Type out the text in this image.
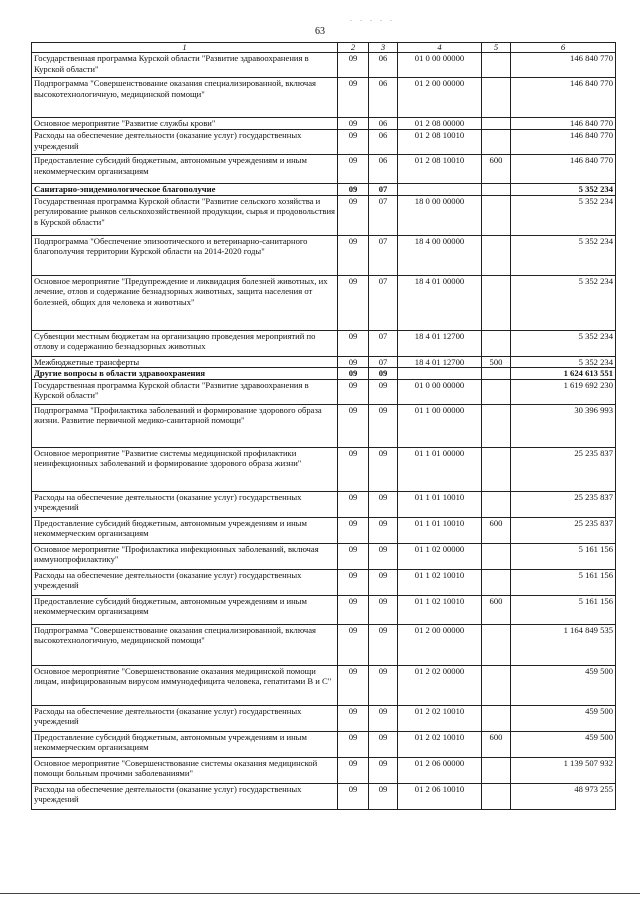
. . . . .
63
1	2	3	4	5	6
Государственная программа Курской области "Развитие здравоохранения в Курской области"	09	06	01 0 00 00000		146 840 770
Подпрограмма "Совершенствование оказания специализированной, включая высокотехнологичную, медицинской помощи"	09	06	01 2 00 00000		146 840 770
Основное мероприятие "Развитие службы крови"	09	06	01 2 08 00000		146 840 770
Расходы на обеспечение деятельности (оказание услуг) государственных учреждений	09	06	01 2 08 10010		146 840 770
Предоставление субсидий бюджетным, автономным учреждениям и иным некоммерческим организациям	09	06	01 2 08 10010	600	146 840 770
Санитарно-эпидемиологическое благополучие	09	07			5 352 234
Государственная программа Курской области "Развитие сельского хозяйства и регулирование рынков сельскохозяйственной продукции, сырья и продовольствия в Курской области"	09	07	18 0 00 00000		5 352 234
Подпрограмма "Обеспечение эпизоотического и ветеринарно-санитарного благополучия территории Курской области на 2014-2020 годы"	09	07	18 4 00 00000		5 352 234
Основное мероприятие "Предупреждение и ликвидация болезней животных, их лечение, отлов и содержание безнадзорных животных, защита населения от болезней, общих для человека и животных"	09	07	18 4 01 00000		5 352 234
Субвенции местным бюджетам на организацию проведения мероприятий по отлову и содержанию безнадзорных животных	09	07	18 4 01 12700		5 352 234
Межбюджетные трансферты	09	07	18 4 01 12700	500	5 352 234
Другие вопросы в области здравоохранения	09	09			1 624 613 551
Государственная программа Курской области "Развитие здравоохранения в Курской области"	09	09	01 0 00 00000		1 619 692 230
Подпрограмма "Профилактика заболеваний и формирование здорового образа жизни. Развитие первичной медико-санитарной помощи"	09	09	01 1 00 00000		30 396 993
Основное мероприятие "Развитие системы медицинской профилактики неинфекционных заболеваний и формирование здорового образа жизни"	09	09	01 1 01 00000		25 235 837
Расходы на обеспечение деятельности (оказание услуг) государственных учреждений	09	09	01 1 01 10010		25 235 837
Предоставление субсидий бюджетным, автономным учреждениям и иным некоммерческим организациям	09	09	01 1 01 10010	600	25 235 837
Основное мероприятие "Профилактика инфекционных заболеваний, включая иммунопрофилактику"	09	09	01 1 02 00000		5 161 156
Расходы на обеспечение деятельности (оказание услуг) государственных учреждений	09	09	01 1 02 10010		5 161 156
Предоставление субсидий бюджетным, автономным учреждениям и иным некоммерческим организациям	09	09	01 1 02 10010	600	5 161 156
Подпрограмма "Совершенствование оказания специализированной, включая высокотехнологичную, медицинской помощи"	09	09	01 2 00 00000		1 164 849 535
Основное мероприятие "Совершенствование оказания медицинской помощи лицам, инфицированным вирусом иммунодефицита человека, гепатитами В и С"	09	09	01 2 02 00000		459 500
Расходы на обеспечение деятельности (оказание услуг) государственных учреждений	09	09	01 2 02 10010		459 500
Предоставление субсидий бюджетным, автономным учреждениям и иным некоммерческим организациям	09	09	01 2 02 10010	600	459 500
Основное мероприятие "Совершенствование системы оказания медицинской помощи больным прочими заболеваниями"	09	09	01 2 06 00000		1 139 507 932
Расходы на обеспечение деятельности (оказание услуг) государственных учреждений	09	09	01 2 06 10010		48 973 255
